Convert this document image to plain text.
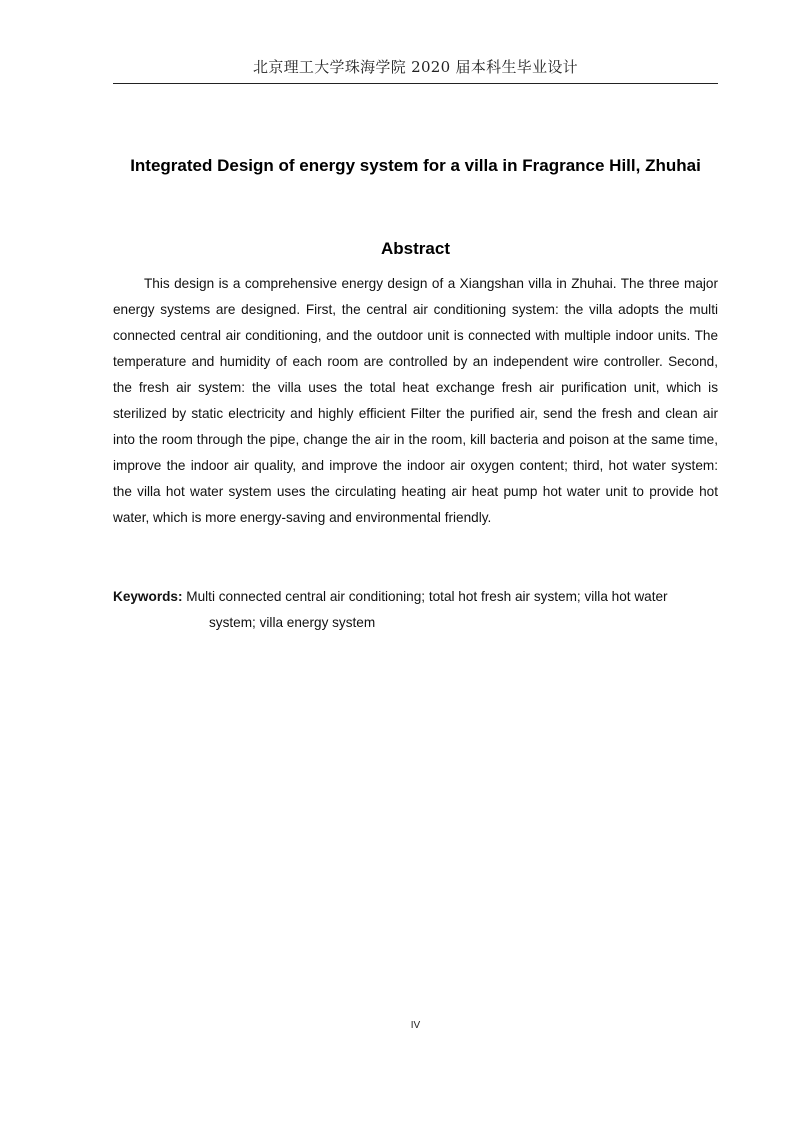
北京理工大学珠海学院 2020 届本科生毕业设计
Integrated Design of energy system for a villa in Fragrance Hill, Zhuhai
Abstract

This design is a comprehensive energy design of a Xiangshan villa in Zhuhai. The three major energy systems are designed. First, the central air conditioning system: the villa adopts the multi connected central air conditioning, and the outdoor unit is connected with multiple indoor units. The temperature and humidity of each room are controlled by an independent wire controller. Second, the fresh air system: the villa uses the total heat exchange fresh air purification unit, which is sterilized by static electricity and highly efficient Filter the purified air, send the fresh and clean air into the room through the pipe, change the air in the room, kill bacteria and poison at the same time, improve the indoor air quality, and improve the indoor air oxygen content; third, hot water system: the villa hot water system uses the circulating heating air heat pump hot water unit to provide hot water, which is more energy-saving and environmental friendly.

Keywords: Multi connected central air conditioning; total hot fresh air system; villa hot water
system; villa energy system

IV
